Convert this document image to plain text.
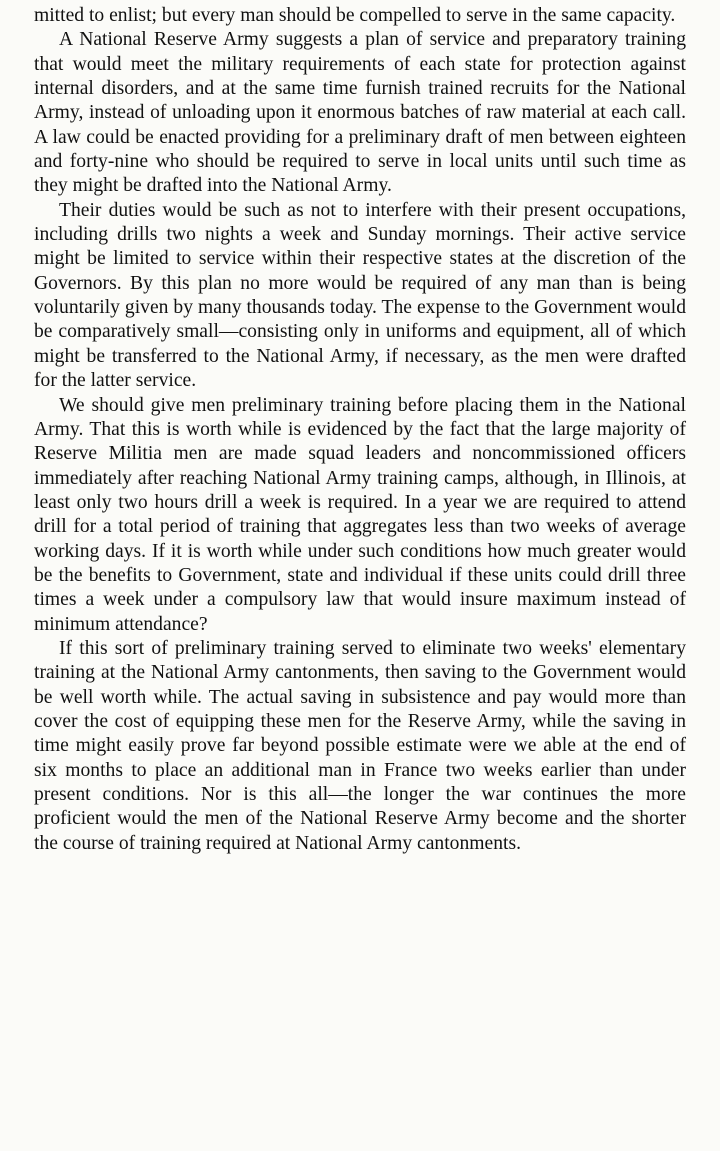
mitted to enlist; but every man should be compelled to serve in the same capacity.

A National Reserve Army suggests a plan of service and preparatory training that would meet the military requirements of each state for protection against internal disorders, and at the same time furnish trained recruits for the National Army, instead of unloading upon it enormous batches of raw material at each call. A law could be enacted providing for a preliminary draft of men between eighteen and forty-nine who should be required to serve in local units until such time as they might be drafted into the National Army.

Their duties would be such as not to interfere with their present occupations, including drills two nights a week and Sunday mornings. Their active service might be limited to service within their respective states at the discretion of the Governors. By this plan no more would be required of any man than is being voluntarily given by many thousands today. The expense to the Government would be comparatively small—consisting only in uniforms and equipment, all of which might be transferred to the National Army, if necessary, as the men were drafted for the latter service.

We should give men preliminary training before placing them in the National Army. That this is worth while is evidenced by the fact that the large majority of Reserve Militia men are made squad leaders and noncommissioned officers immediately after reaching National Army training camps, although, in Illinois, at least only two hours drill a week is required. In a year we are required to attend drill for a total period of training that aggregates less than two weeks of average working days. If it is worth while under such conditions how much greater would be the benefits to Government, state and individual if these units could drill three times a week under a compulsory law that would insure maximum instead of minimum attendance?

If this sort of preliminary training served to eliminate two weeks' elementary training at the National Army cantonments, then saving to the Government would be well worth while. The actual saving in subsistence and pay would more than cover the cost of equipping these men for the Reserve Army, while the saving in time might easily prove far beyond possible estimate were we able at the end of six months to place an additional man in France two weeks earlier than under present conditions. Nor is this all—the longer the war continues the more proficient would the men of the National Reserve Army become and the shorter the course of training required at National Army cantonments.
